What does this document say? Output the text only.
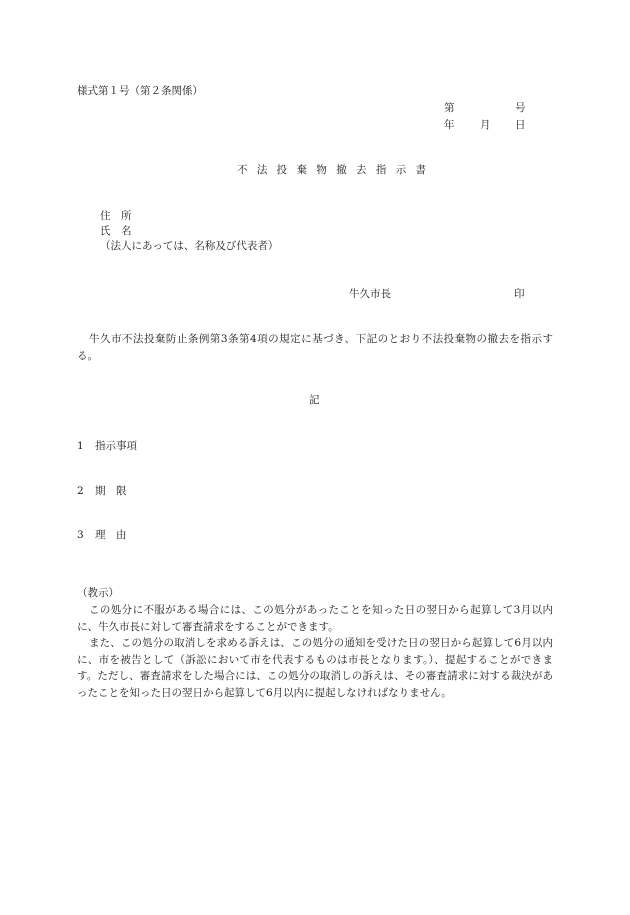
様式第１号（第２条関係）
第	号
年 月 日
不 法 投 棄 物 撤 去 指 示 書
住　所
氏　名
（法人にあっては、名称及び代表者）
牛久市長	印
牛久市不法投棄防止条例第3条第4項の規定に基づき、下記のとおり不法投棄物の撤去を指示する。
記
1 指示事項
2 期　限
3 理　由
（教示）
この処分に不服がある場合には、この処分があったことを知った日の翌日から起算して3月以内に、牛久市長に対して審査請求をすることができます。
また、この処分の取消しを求める訴えは、この処分の通知を受けた日の翌日から起算して6月以内に、市を被告として（訴訟において市を代表するものは市長となります。）、提起することができます。ただし、審査請求をした場合には、この処分の取消しの訴えは、その審査請求に対する裁決があったことを知った日の翌日から起算して6月以内に提起しなければなりません。
